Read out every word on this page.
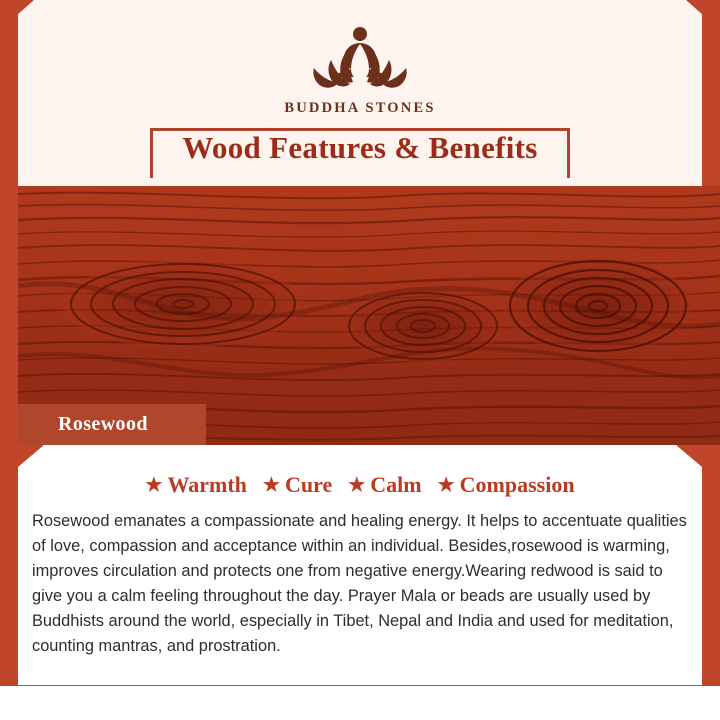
BUDDHA STONES
Wood Features & Benefits
Rosewood
★ Warmth ★ Cure ★ Calm ★ Compassion
Rosewood emanates a compassionate and healing energy. It helps to accentuate qualities of love, compassion and acceptance within an individual. Besides,rosewood is warming, improves circulation and protects one from negative energy.Wearing redwood is said to give you a calm feeling throughout the day. Prayer Mala or beads are usually used by Buddhists around the world, especially in Tibet, Nepal and India and used for meditation, counting mantras, and prostration.
